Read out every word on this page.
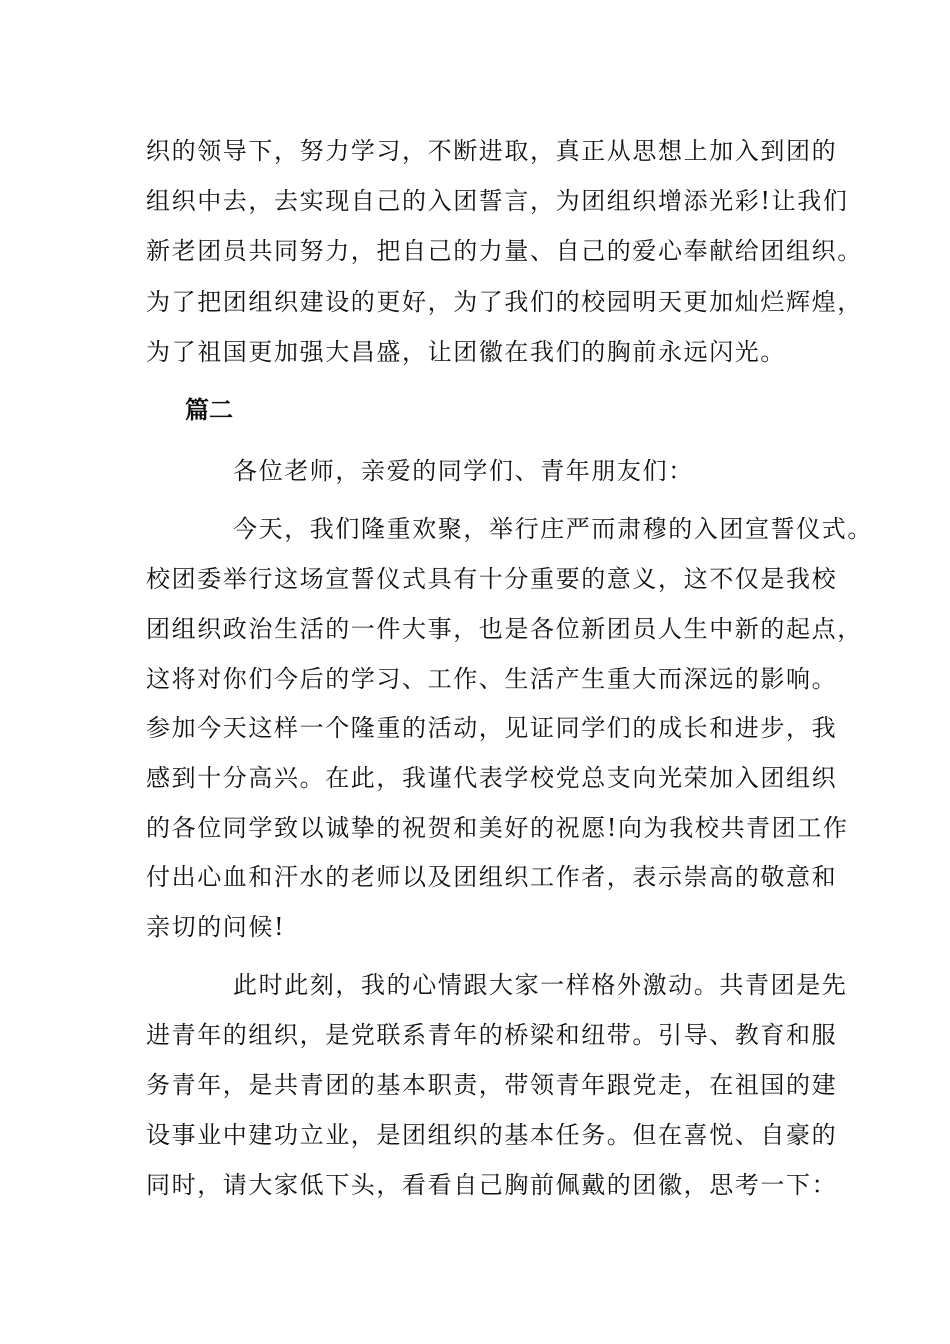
织的领导下，努力学习，不断进取，真正从思想上加入到团的
组织中去，去实现自己的入团誓言，为团组织增添光彩!让我们
新老团员共同努力，把自己的力量、自己的爱心奉献给团组织。
为了把团组织建设的更好，为了我们的校园明天更加灿烂辉煌，
为了祖国更加强大昌盛，让团徽在我们的胸前永远闪光。
篇二
各位老师，亲爱的同学们、青年朋友们：
今天，我们隆重欢聚，举行庄严而肃穆的入团宣誓仪式。
校团委举行这场宣誓仪式具有十分重要的意义，这不仅是我校
团组织政治生活的一件大事，也是各位新团员人生中新的起点，
这将对你们今后的学习、工作、生活产生重大而深远的影响。
参加今天这样一个隆重的活动，见证同学们的成长和进步，我
感到十分高兴。在此，我谨代表学校党总支向光荣加入团组织
的各位同学致以诚挚的祝贺和美好的祝愿!向为我校共青团工作
付出心血和汗水的老师以及团组织工作者，表示崇高的敬意和
亲切的问候!
此时此刻，我的心情跟大家一样格外激动。共青团是先
进青年的组织，是党联系青年的桥梁和纽带。引导、教育和服
务青年，是共青团的基本职责，带领青年跟党走，在祖国的建
设事业中建功立业，是团组织的基本任务。但在喜悦、自豪的
同时，请大家低下头，看看自己胸前佩戴的团徽，思考一下：
